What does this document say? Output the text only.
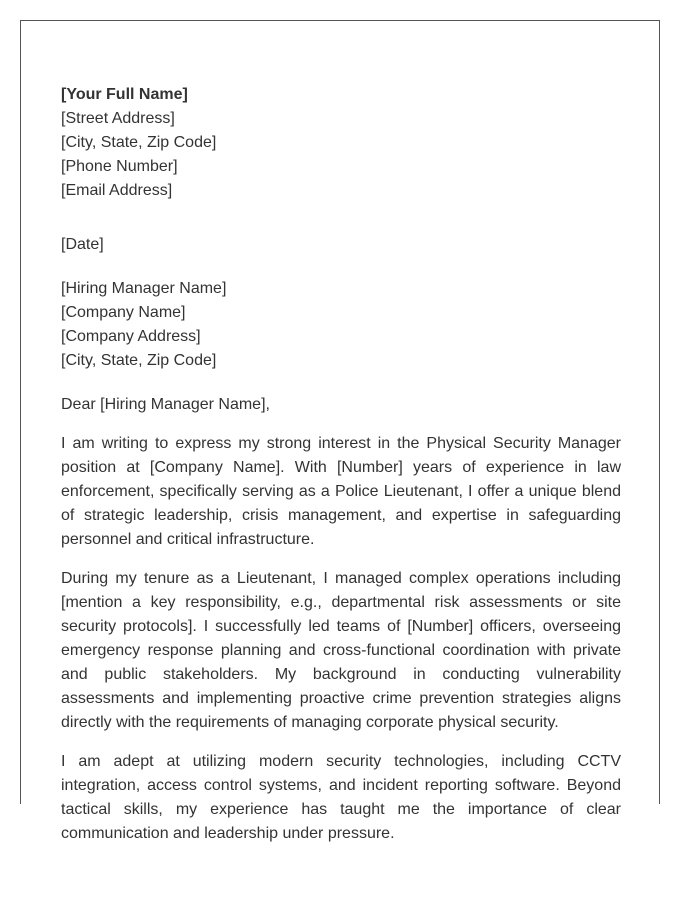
[Your Full Name]
[Street Address]
[City, State, Zip Code]
[Phone Number]
[Email Address]
[Date]
[Hiring Manager Name]
[Company Name]
[Company Address]
[City, State, Zip Code]

Dear [Hiring Manager Name],

I am writing to express my strong interest in the Physical Security Manager position at [Company Name]. With [Number] years of experience in law enforcement, specifically serving as a Police Lieutenant, I offer a unique blend of strategic leadership, crisis management, and expertise in safeguarding personnel and critical infrastructure.

During my tenure as a Lieutenant, I managed complex operations including [mention a key responsibility, e.g., departmental risk assessments or site security protocols]. I successfully led teams of [Number] officers, overseeing emergency response planning and cross-functional coordination with private and public stakeholders. My background in conducting vulnerability assessments and implementing proactive crime prevention strategies aligns directly with the requirements of managing corporate physical security.

I am adept at utilizing modern security technologies, including CCTV integration, access control systems, and incident reporting software. Beyond tactical skills, my experience has taught me the importance of clear communication and leadership under pressure.
